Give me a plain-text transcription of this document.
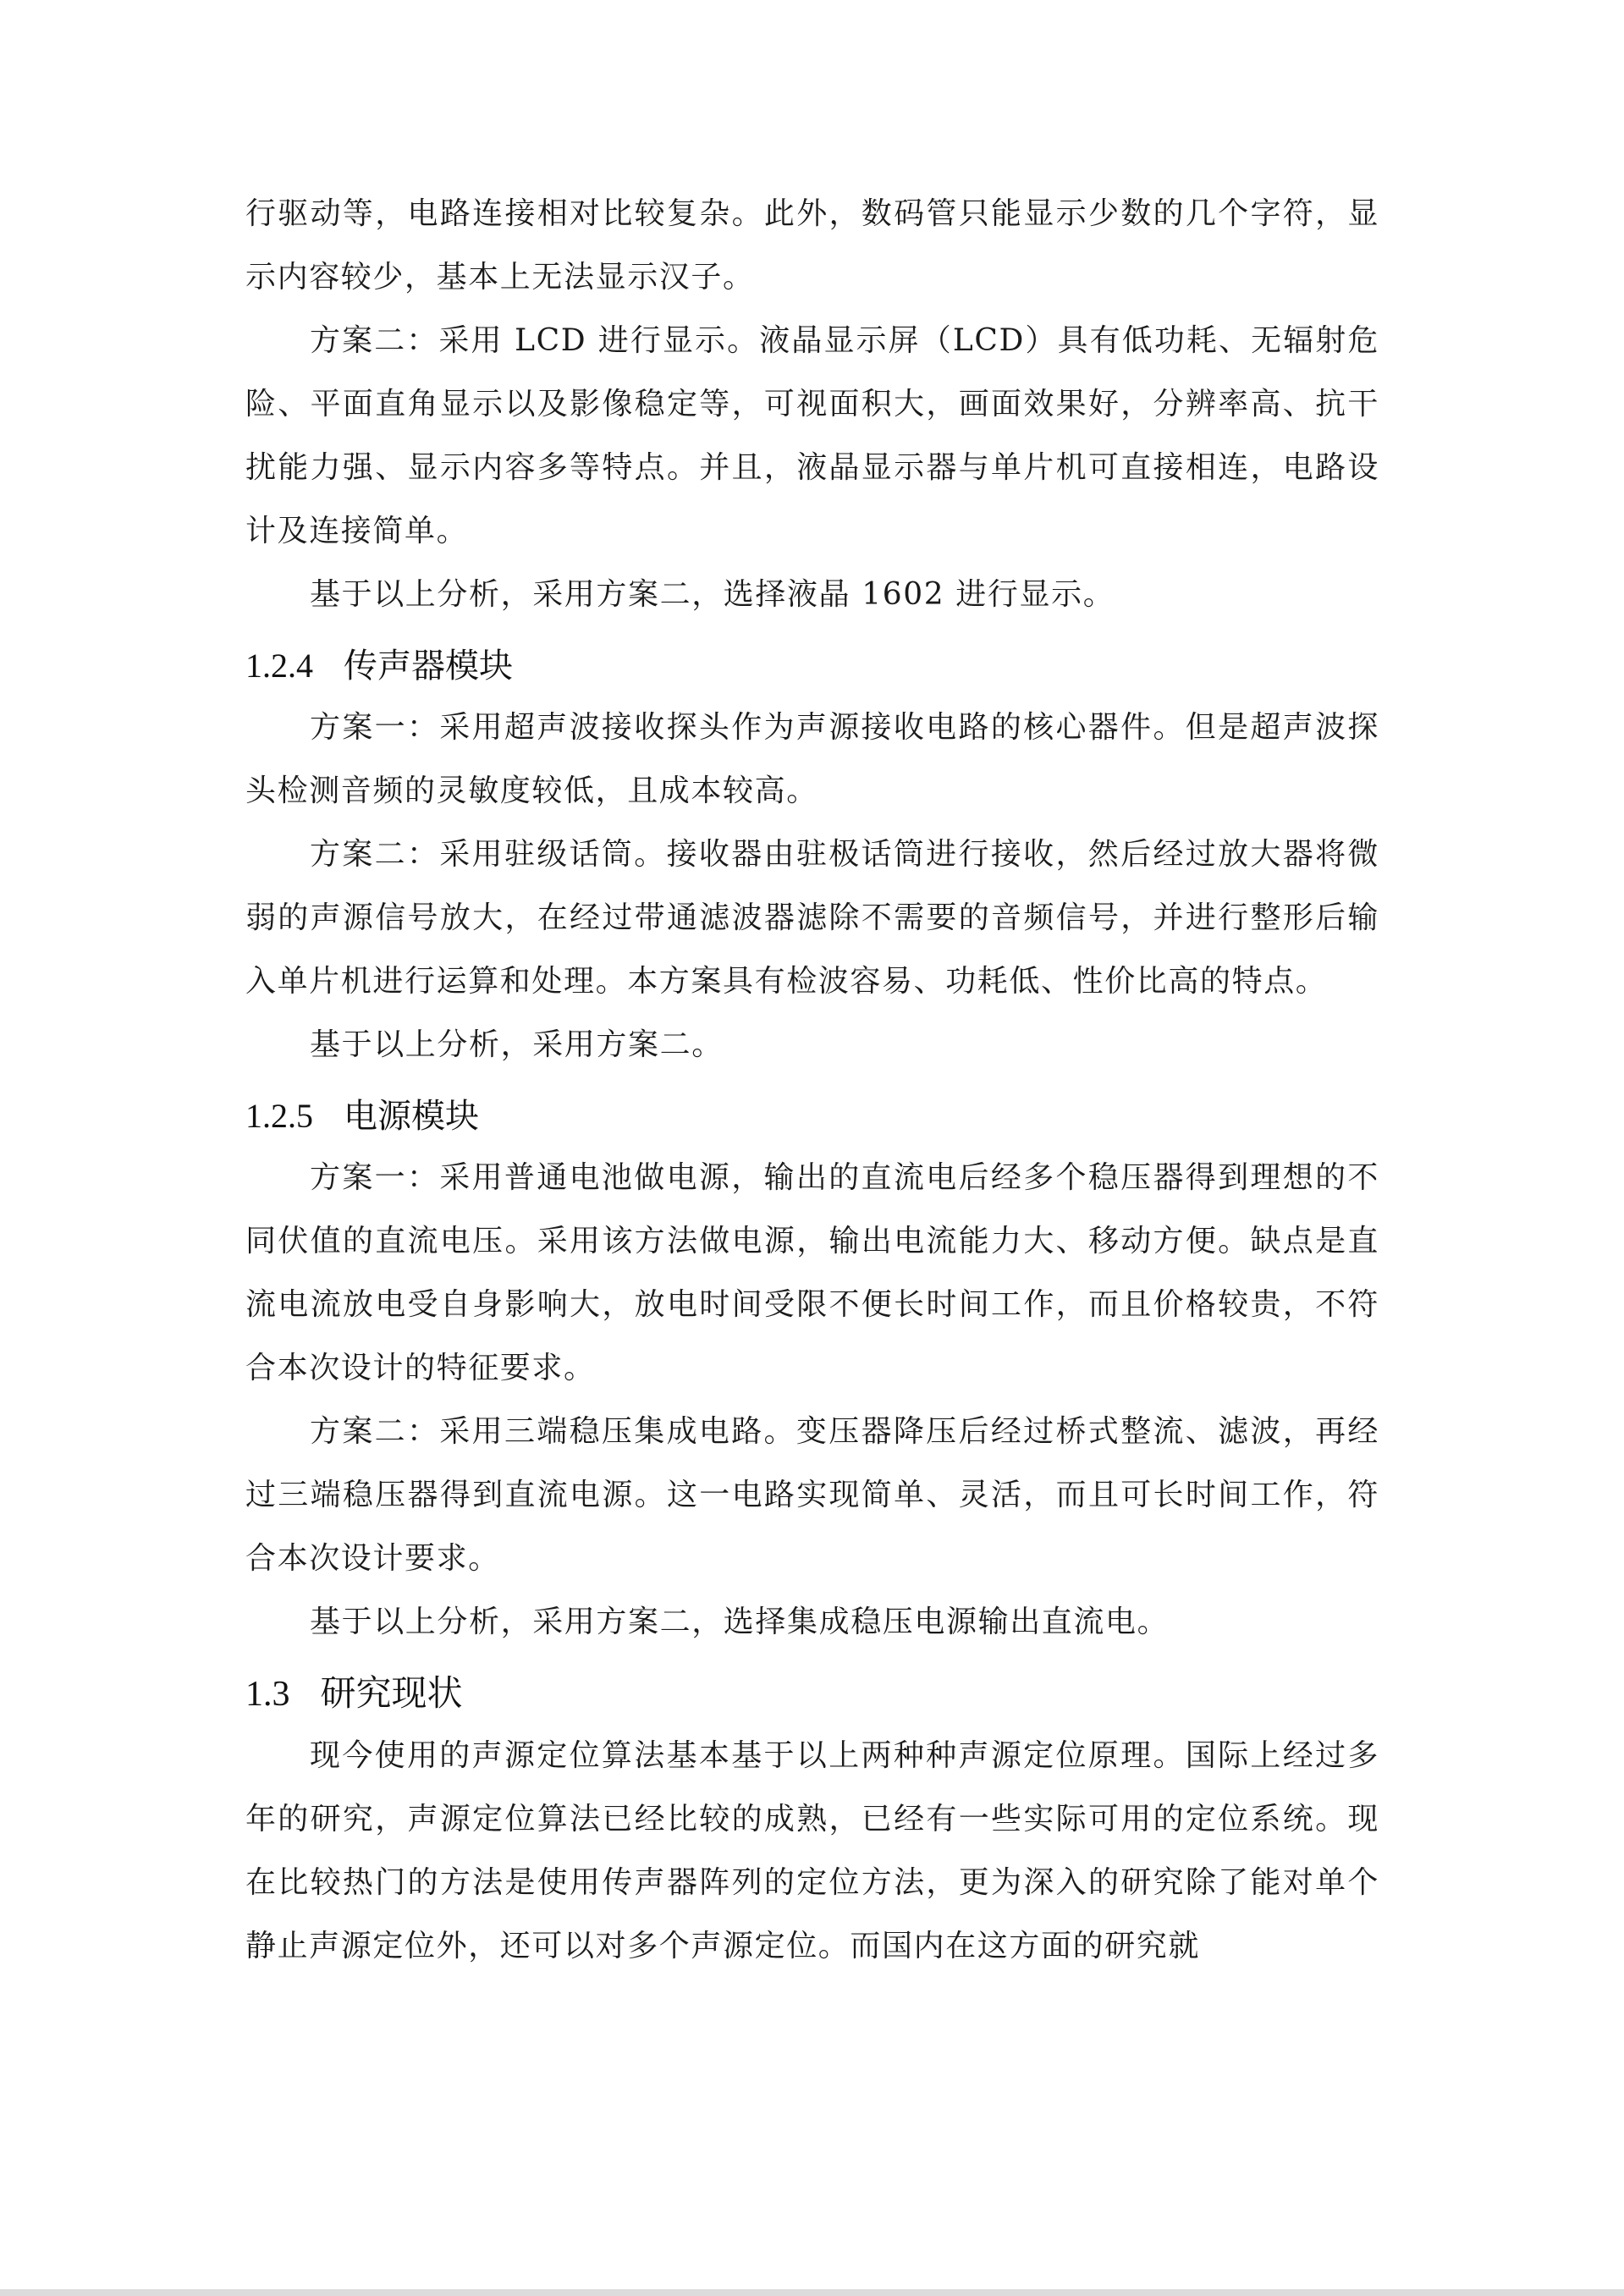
行驱动等，电路连接相对比较复杂。此外，数码管只能显示少数的几个字符，显示内容较少，基本上无法显示汉子。

方案二：采用 LCD 进行显示。液晶显示屏（LCD）具有低功耗、无辐射危险、平面直角显示以及影像稳定等，可视面积大，画面效果好，分辨率高、抗干扰能力强、显示内容多等特点。并且，液晶显示器与单片机可直接相连，电路设计及连接简单。

基于以上分析，采用方案二，选择液晶 1602 进行显示。

1.2.4 传声器模块

方案一：采用超声波接收探头作为声源接收电路的核心器件。但是超声波探头检测音频的灵敏度较低，且成本较高。

方案二：采用驻级话筒。接收器由驻极话筒进行接收，然后经过放大器将微弱的声源信号放大，在经过带通滤波器滤除不需要的音频信号，并进行整形后输入单片机进行运算和处理。本方案具有检波容易、功耗低、性价比高的特点。

基于以上分析，采用方案二。

1.2.5 电源模块

方案一：采用普通电池做电源，输出的直流电后经多个稳压器得到理想的不同伏值的直流电压。采用该方法做电源，输出电流能力大、移动方便。缺点是直流电流放电受自身影响大，放电时间受限不便长时间工作，而且价格较贵，不符合本次设计的特征要求。

方案二：采用三端稳压集成电路。变压器降压后经过桥式整流、滤波，再经过三端稳压器得到直流电源。这一电路实现简单、灵活，而且可长时间工作，符合本次设计要求。

基于以上分析，采用方案二，选择集成稳压电源输出直流电。

1.3 研究现状

现今使用的声源定位算法基本基于以上两种种声源定位原理。国际上经过多年的研究，声源定位算法已经比较的成熟，已经有一些实际可用的定位系统。现在比较热门的方法是使用传声器阵列的定位方法，更为深入的研究除了能对单个静止声源定位外，还可以对多个声源定位。而国内在这方面的研究就
